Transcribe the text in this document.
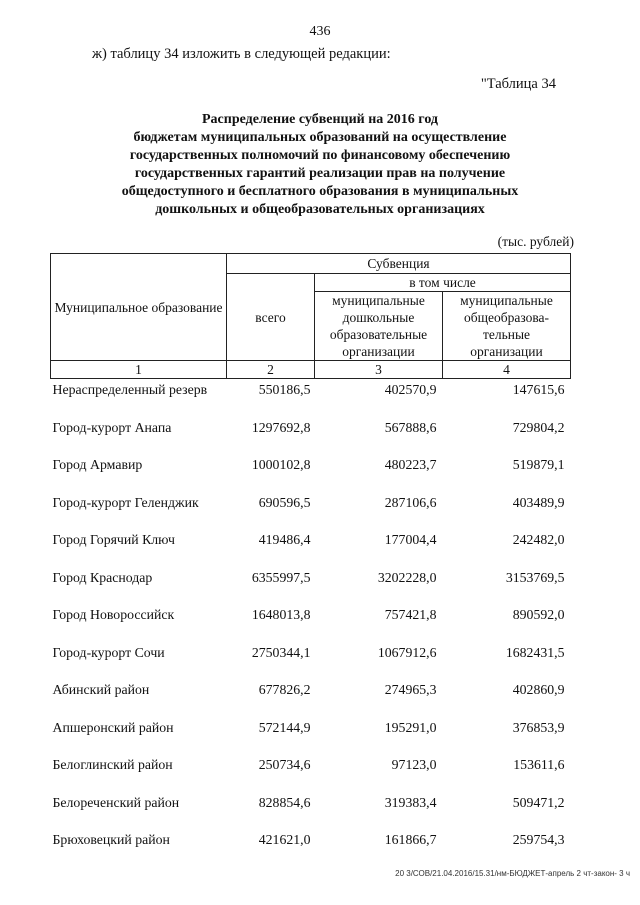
436
ж) таблицу 34 изложить в следующей редакции:
"Таблица 34
Распределение субвенций на 2016 год
бюджетам муниципальных образований на осуществление
государственных полномочий по финансовому обеспечению
государственных гарантий реализации прав на получение
общедоступного и бесплатного образования в муниципальных
дошкольных и общеобразовательных организациях
(тыс. рублей)
Муниципальное образование	Субвенция		
	всего	в том числе	
		муниципальные дошкольные образовательные организации	муниципальные общеобразова-тельные организации
1	2	3	4
Нераспределенный резерв	550186,5	402570,9	147615,6
Город-курорт Анапа	1297692,8	567888,6	729804,2
Город Армавир	1000102,8	480223,7	519879,1
Город-курорт Геленджик	690596,5	287106,6	403489,9
Город Горячий Ключ	419486,4	177004,4	242482,0
Город Краснодар	6355997,5	3202228,0	3153769,5
Город Новороссийск	1648013,8	757421,8	890592,0
Город-курорт Сочи	2750344,1	1067912,6	1682431,5
Абинский район	677826,2	274965,3	402860,9
Апшеронский район	572144,9	195291,0	376853,9
Белоглинский район	250734,6	97123,0	153611,6
Белореченский район	828854,6	319383,4	509471,2
Брюховецкий район	421621,0	161866,7	259754,3
20 3/СОВ/21.04.2016/15.31/нм-БЮДЖЕТ-апрель 2 чт-закон- 3 ч
